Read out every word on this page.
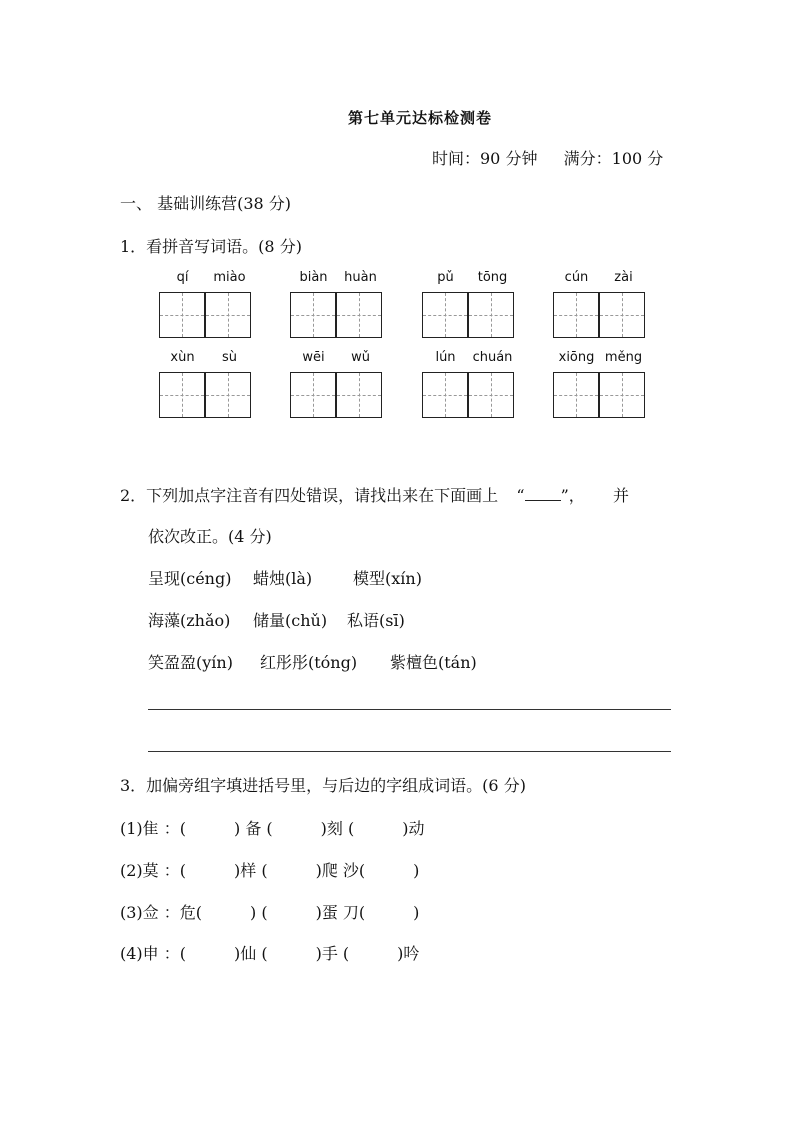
第七单元达标检测卷
时间：90 分钟 满分：100 分
一、 基础训练营(38 分)
1．看拼音写词语。(8 分)
qí	miào	biàn	huàn	pǔ	tōng	cún	zài
xùn	sù	wēi	wǔ	lún	chuán	xiōng měng
2．下列加点字注音有四处错误，请找出来在下面画上 “ ”， 并
依次改正。(4 分)
呈现(céng) 蜡烛(là)	模型(xín)
海藻(zhǎo) 储量(chǔ) 私语(sī)
笑盈盈(yín) 红彤彤(tóng) 紫檀色(tán)
3．加偏旁组字填进括号里，与后边的字组成词语。(6 分)
(1)隹 ：(	) 备 (	)刻 (	)动
(2)莫 ：(	)样 (	)爬 沙(	)
(3)佥 ：危(	) (	)蛋 刀(	)
(4)申 ：(	)仙 (	)手 (	)吟
